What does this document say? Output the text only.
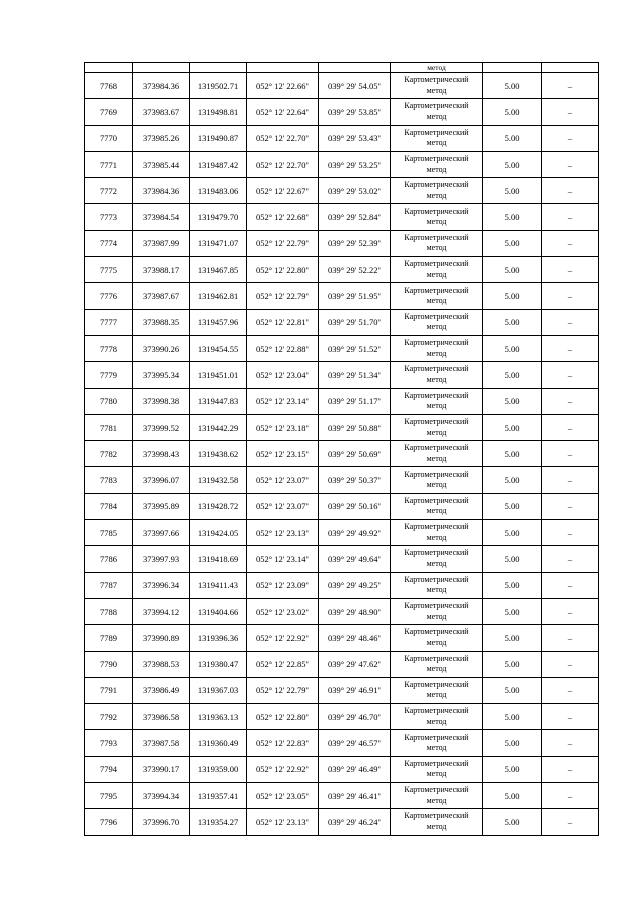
					метод		
7768	373984.36	1319502.71	052° 12' 22.66"	039° 29' 54.05"	Картометрический
метод	5.00	–
7769	373983.67	1319498.81	052° 12' 22.64"	039° 29' 53.85"	Картометрический
метод	5.00	–
7770	373985.26	1319490.87	052° 12' 22.70"	039° 29' 53.43"	Картометрический
метод	5.00	–
7771	373985.44	1319487.42	052° 12' 22.70"	039° 29' 53.25"	Картометрический
метод	5.00	–
7772	373984.36	1319483.06	052° 12' 22.67"	039° 29' 53.02"	Картометрический
метод	5.00	–
7773	373984.54	1319479.70	052° 12' 22.68"	039° 29' 52.84"	Картометрический
метод	5.00	–
7774	373987.99	1319471.07	052° 12' 22.79"	039° 29' 52.39"	Картометрический
метод	5.00	–
7775	373988.17	1319467.85	052° 12' 22.80"	039° 29' 52.22"	Картометрический
метод	5.00	–
7776	373987.67	1319462.81	052° 12' 22.79"	039° 29' 51.95"	Картометрический
метод	5.00	–
7777	373988.35	1319457.96	052° 12' 22.81"	039° 29' 51.70"	Картометрический
метод	5.00	–
7778	373990.26	1319454.55	052° 12' 22.88"	039° 29' 51.52"	Картометрический
метод	5.00	–
7779	373995.34	1319451.01	052° 12' 23.04"	039° 29' 51.34"	Картометрический
метод	5.00	–
7780	373998.38	1319447.83	052° 12' 23.14"	039° 29' 51.17"	Картометрический
метод	5.00	–
7781	373999.52	1319442.29	052° 12' 23.18"	039° 29' 50.88"	Картометрический
метод	5.00	–
7782	373998.43	1319438.62	052° 12' 23.15"	039° 29' 50.69"	Картометрический
метод	5.00	–
7783	373996.07	1319432.58	052° 12' 23.07"	039° 29' 50.37"	Картометрический
метод	5.00	–
7784	373995.89	1319428.72	052° 12' 23.07"	039° 29' 50.16"	Картометрический
метод	5.00	–
7785	373997.66	1319424.05	052° 12' 23.13"	039° 29' 49.92"	Картометрический
метод	5.00	–
7786	373997.93	1319418.69	052° 12' 23.14"	039° 29' 49.64"	Картометрический
метод	5.00	–
7787	373996.34	1319411.43	052° 12' 23.09"	039° 29' 49.25"	Картометрический
метод	5.00	–
7788	373994.12	1319404.66	052° 12' 23.02"	039° 29' 48.90"	Картометрический
метод	5.00	–
7789	373990.89	1319396.36	052° 12' 22.92"	039° 29' 48.46"	Картометрический
метод	5.00	–
7790	373988.53	1319380.47	052° 12' 22.85"	039° 29' 47.62"	Картометрический
метод	5.00	–
7791	373986.49	1319367.03	052° 12' 22.79"	039° 29' 46.91"	Картометрический
метод	5.00	–
7792	373986.58	1319363.13	052° 12' 22.80"	039° 29' 46.70"	Картометрический
метод	5.00	–
7793	373987.58	1319360.49	052° 12' 22.83"	039° 29' 46.57"	Картометрический
метод	5.00	–
7794	373990.17	1319359.00	052° 12' 22.92"	039° 29' 46.49"	Картометрический
метод	5.00	–
7795	373994.34	1319357.41	052° 12' 23.05"	039° 29' 46.41"	Картометрический
метод	5.00	–
7796	373996.70	1319354.27	052° 12' 23.13"	039° 29' 46.24"	Картометрический
метод	5.00	–
